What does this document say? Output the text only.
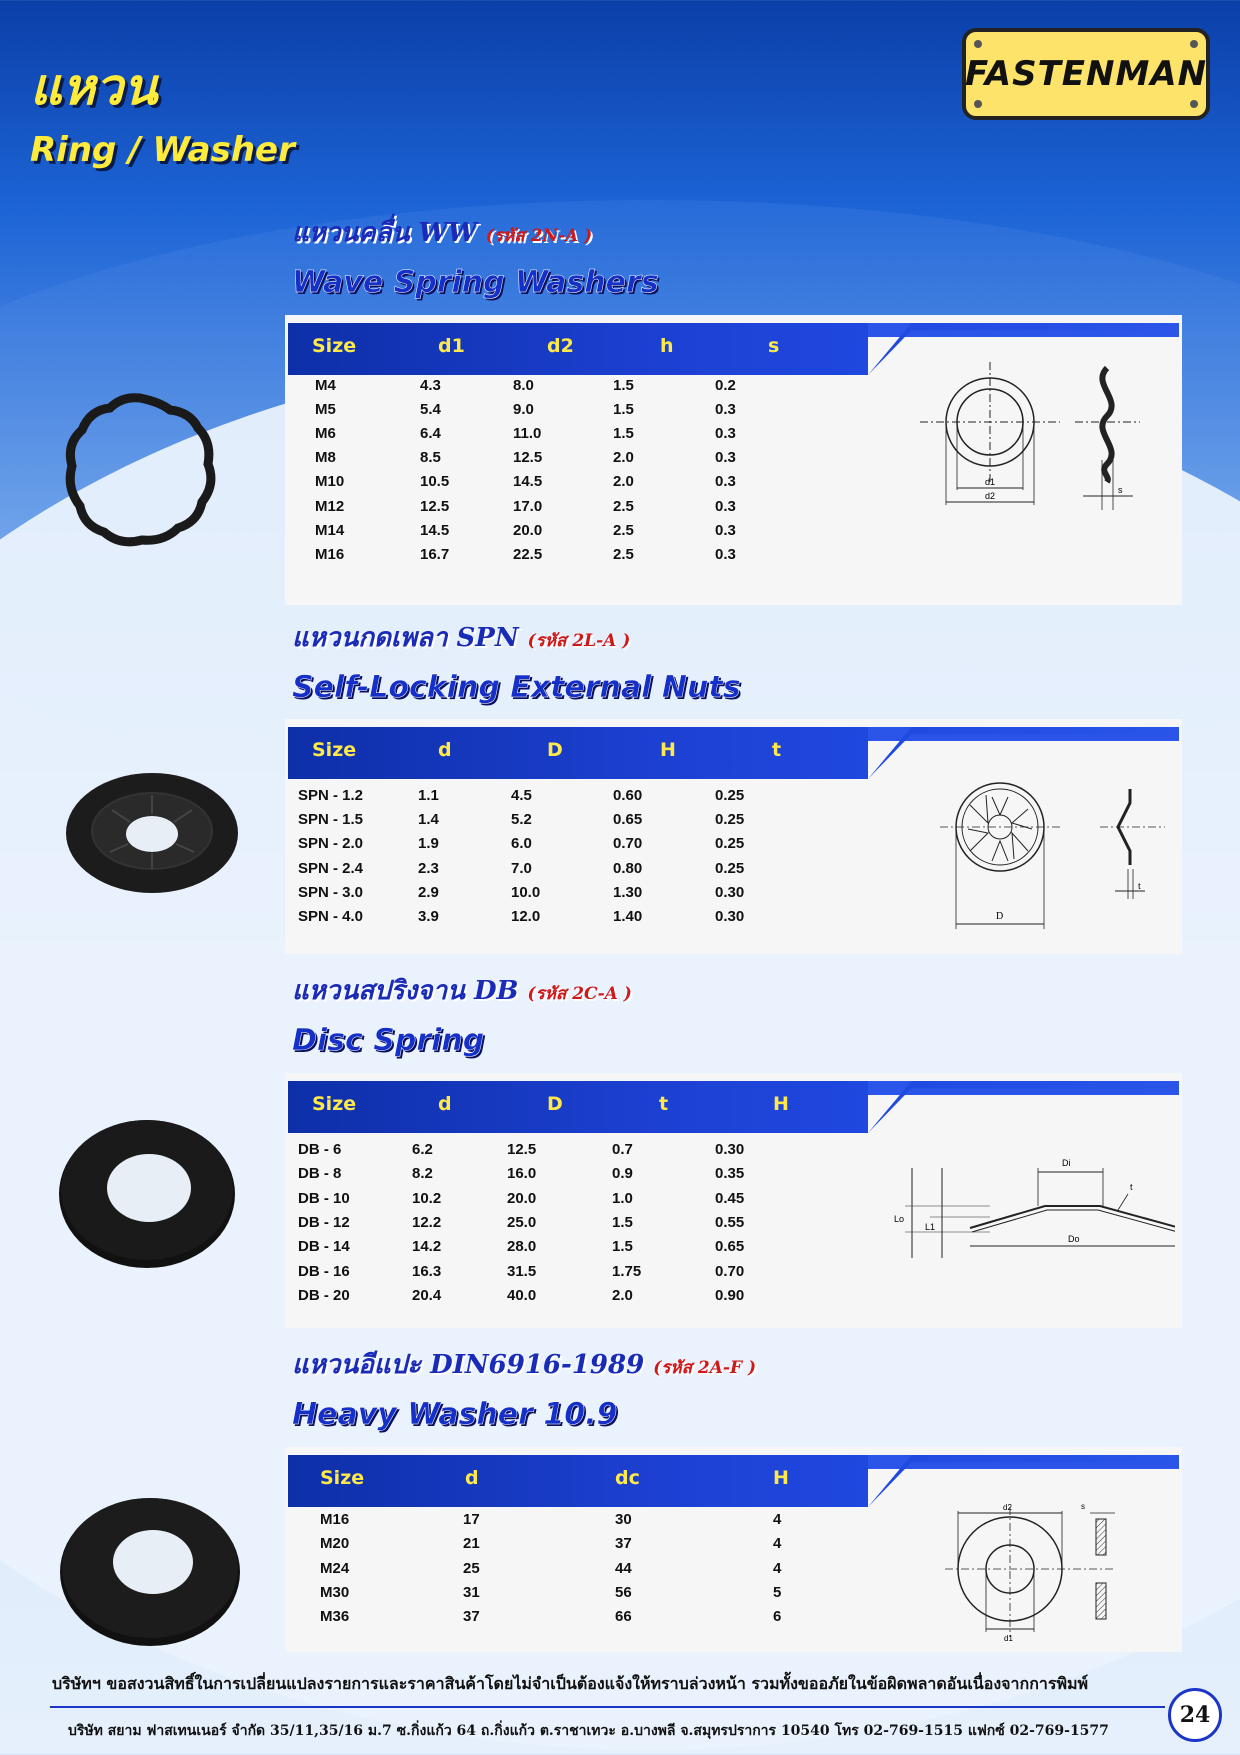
แหวน
Ring / Washer
FASTENMAN
แหวนคลื่น WW (รหัส 2N-A )
Wave Spring Washers
Size	d1	d2	h	s
M4	4.3	8.0	1.5	0.2
M5	5.4	9.0	1.5	0.3
M6	6.4	11.0	1.5	0.3
M8	8.5	12.5	2.0	0.3
M10	10.5	14.5	2.0	0.3
M12	12.5	17.0	2.5	0.3
M14	14.5	20.0	2.5	0.3
M16	16.7	22.5	2.5	0.3
d1
d2
s
แหวนกดเพลา SPN (รหัส 2L-A )
Self-Locking External Nuts
Size	d	D	H	t
SPN - 1.2	1.1	4.5	0.60	0.25
SPN - 1.5	1.4	5.2	0.65	0.25
SPN - 2.0	1.9	6.0	0.70	0.25
SPN - 2.4	2.3	7.0	0.80	0.25
SPN - 3.0	2.9	10.0	1.30	0.30
SPN - 4.0	3.9	12.0	1.40	0.30	D
t
แหวนสปริงจาน DB (รหัส 2C-A )
Disc Spring
Size	d	D	t	H
DB - 6	6.2	12.5	0.7	0.30
DB - 8	8.2	16.0	0.9	0.35
DB - 10	10.2	20.0	1.0	0.45
DB - 12	12.2	25.0	1.5	0.55
DB - 14	14.2	28.0	1.5	0.65
DB - 16	16.3	31.5	1.75	0.70
DB - 20	20.4	40.0	2.0	0.90
Di
t
Lo
L1
Do
แหวนอีแปะ DIN6916-1989 (รหัส 2A-F )
Heavy Washer 10.9
Size	d	dc	H
M16	17	30	4
M20	21	37	4
M24	25	44	4
M30	31	56	5
M36	37	66	6
d2
d1
s
บริษัทฯ ขอสงวนสิทธิ์ในการเปลี่ยนแปลงรายการและราคาสินค้าโดยไม่จำเป็นต้องแจ้งให้ทราบล่วงหน้า รวมทั้งขออภัยในข้อผิดพลาดอันเนื่องจากการพิมพ์
บริษัท สยาม ฟาสเทนเนอร์ จำกัด 35/11,35/16 ม.7 ซ.กิ่งแก้ว 64 ถ.กิ่งแก้ว ต.ราชาเทวะ อ.บางพลี จ.สมุทรปราการ 10540 โทร 02-769-1515 แฟกซ์ 02-769-1577
24
